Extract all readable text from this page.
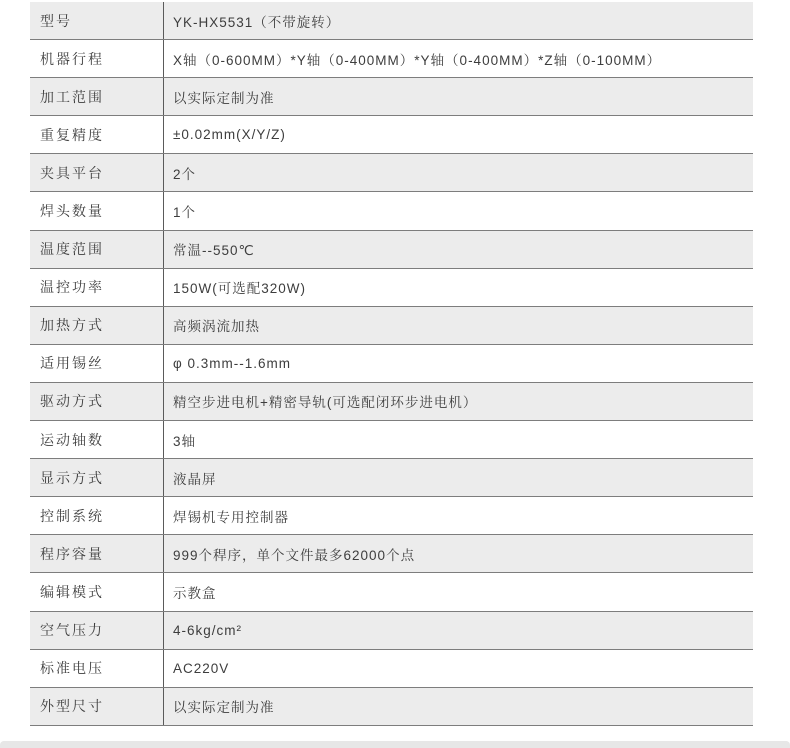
型号	YK-HX5531（不带旋转）
机器行程	X轴（0-600MM）*Y轴（0-400MM）*Y轴（0-400MM）*Z轴（0-100MM）
加工范围	以实际定制为准
重复精度	±0.02mm(X/Y/Z)
夹具平台	2个
焊头数量	1个
温度范围	常温--550℃
温控功率	150W(可选配320W)
加热方式	高频涡流加热
适用锡丝	φ 0.3mm--1.6mm
驱动方式	精空步进电机+精密导轨(可选配闭环步进电机）
运动轴数	3轴
显示方式	液晶屏
控制系统	焊锡机专用控制器
程序容量	999个稈序，单个文件最多62000个点
编辑模式	示教盒
空气压力	4-6kg/cm²
标准电压	AC220V
外型尺寸	以实际定制为准
